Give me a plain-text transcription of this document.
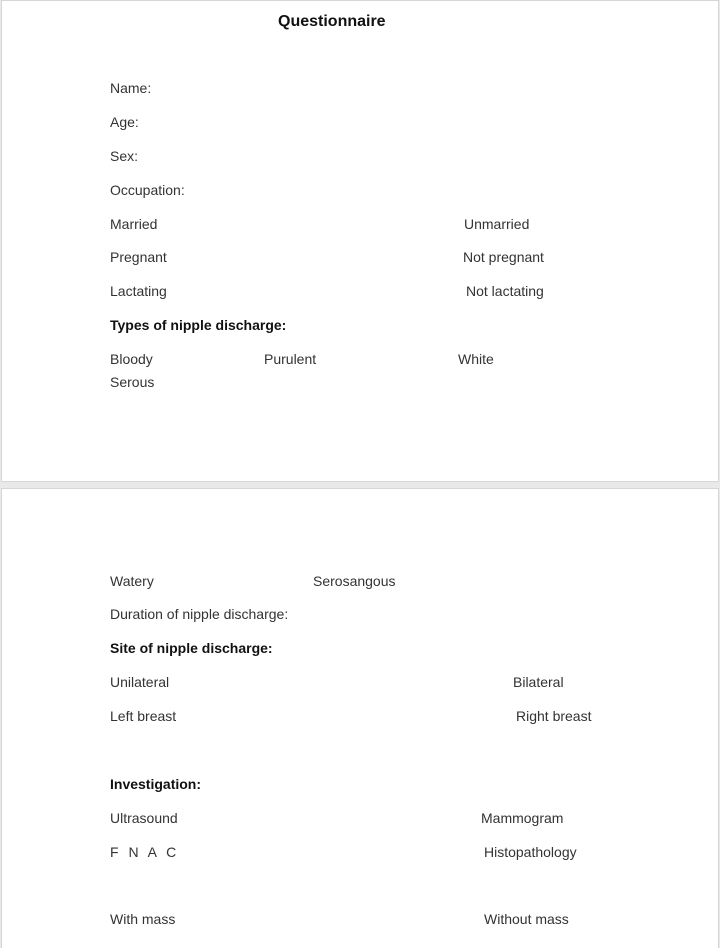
Questionnaire
Name:
Age:
Sex:
Occupation:
Married	Unmarried
Pregnant	Not pregnant
Lactating	Not lactating
Types of nipple discharge:
Bloody	Purulent	White
Serous
Watery	Serosangous
Duration of nipple discharge:
Site of nipple discharge:
Unilateral	Bilateral
Left breast	Right breast
Investigation:
Ultrasound	Mammogram
F N A C	Histopathology
With mass	Without mass
